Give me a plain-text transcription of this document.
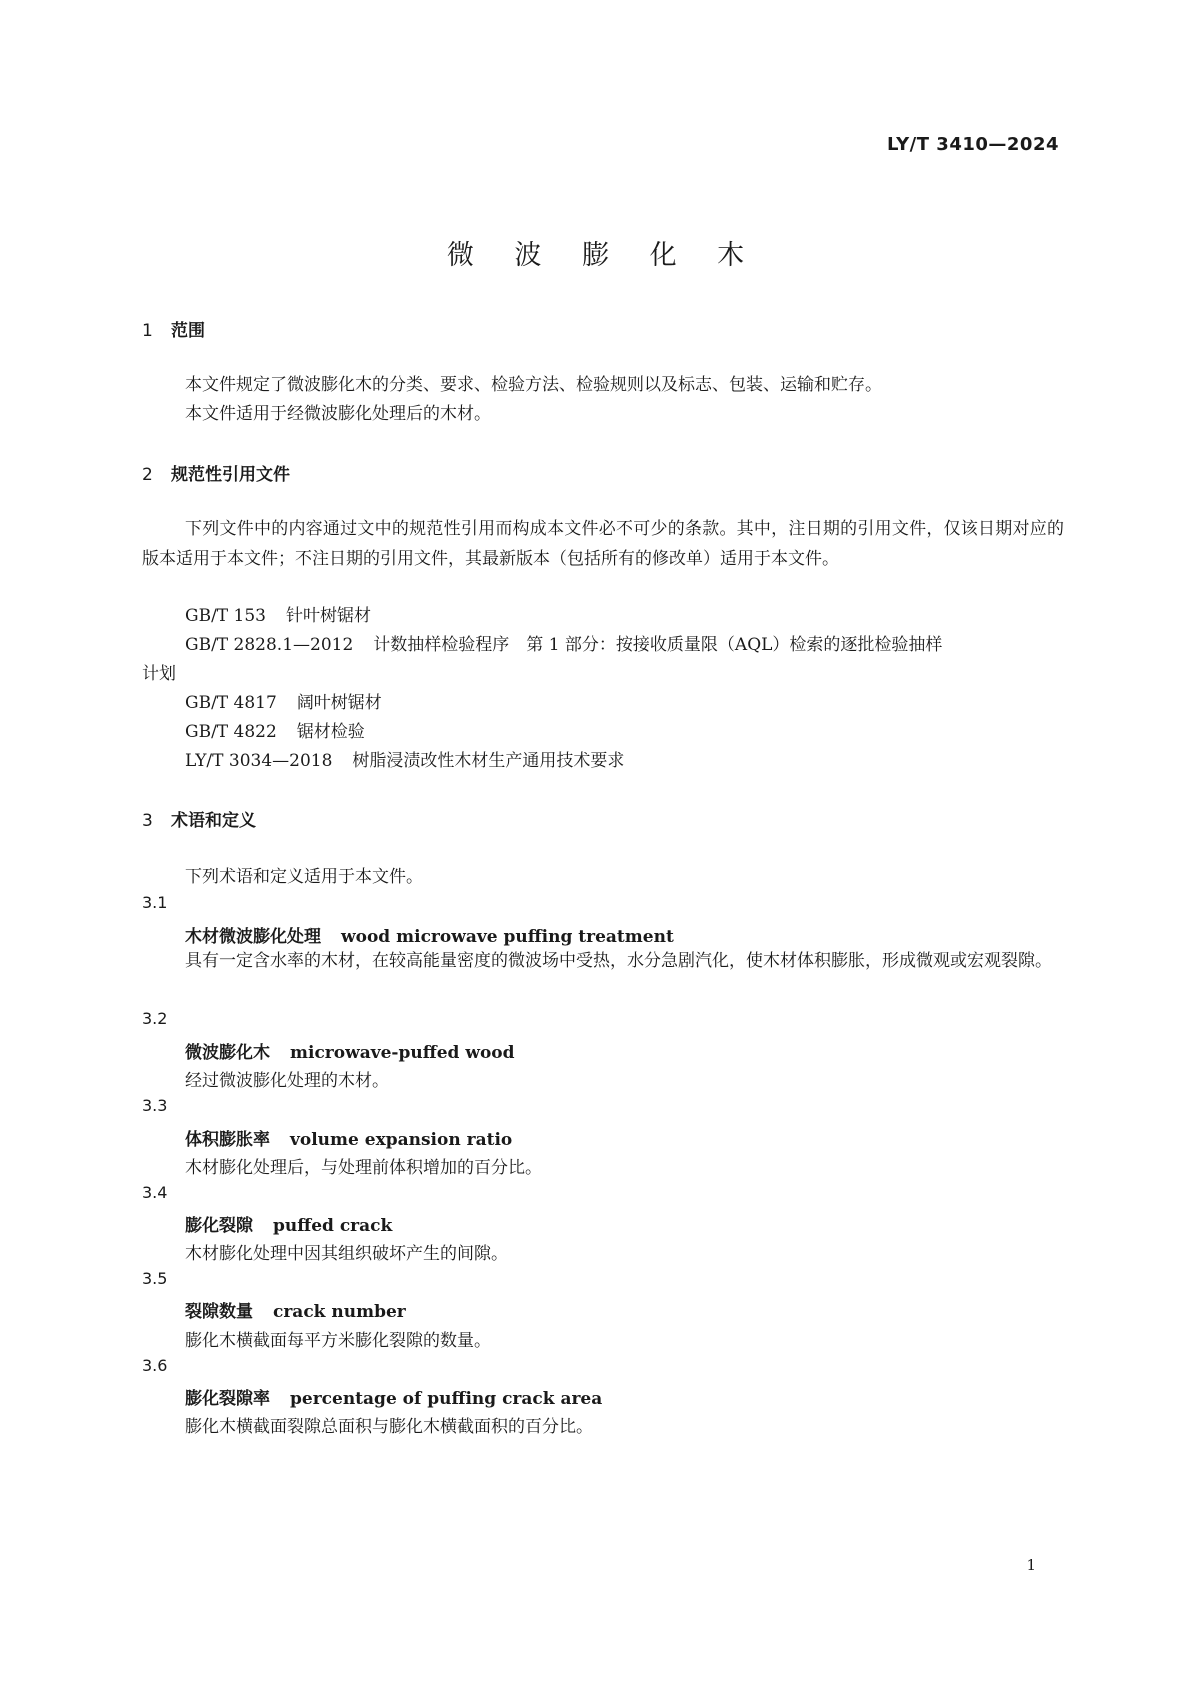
LY/T 3410—2024
微 波 膨 化 木
1 范围
本文件规定了微波膨化木的分类、要求、检验方法、检验规则以及标志、包装、运输和贮存。
本文件适用于经微波膨化处理后的木材。
2 规范性引用文件
下列文件中的内容通过文中的规范性引用而构成本文件必不可少的条款。其中，注日期的引用文件，仅该日期对应的版本适用于本文件；不注日期的引用文件，其最新版本（包括所有的修改单）适用于本文件。
GB/T 153 针叶树锯材
GB/T 2828.1—2012 计数抽样检验程序　第 1 部分：按接收质量限（AQL）检索的逐批检验抽样
计划
GB/T 4817 阔叶树锯材
GB/T 4822 锯材检验
LY/T 3034—2018 树脂浸渍改性木材生产通用技术要求
3 术语和定义
下列术语和定义适用于本文件。
3.1
木材微波膨化处理 wood microwave puffing treatment
具有一定含水率的木材，在较高能量密度的微波场中受热，水分急剧汽化，使木材体积膨胀，形成微观或宏观裂隙。
3.2
微波膨化木 microwave-puffed wood
经过微波膨化处理的木材。
3.3
体积膨胀率 volume expansion ratio
木材膨化处理后，与处理前体积增加的百分比。
3.4
膨化裂隙 puffed crack
木材膨化处理中因其组织破坏产生的间隙。
3.5
裂隙数量 crack number
膨化木横截面每平方米膨化裂隙的数量。
3.6
膨化裂隙率 percentage of puffing crack area
膨化木横截面裂隙总面积与膨化木横截面积的百分比。
1
